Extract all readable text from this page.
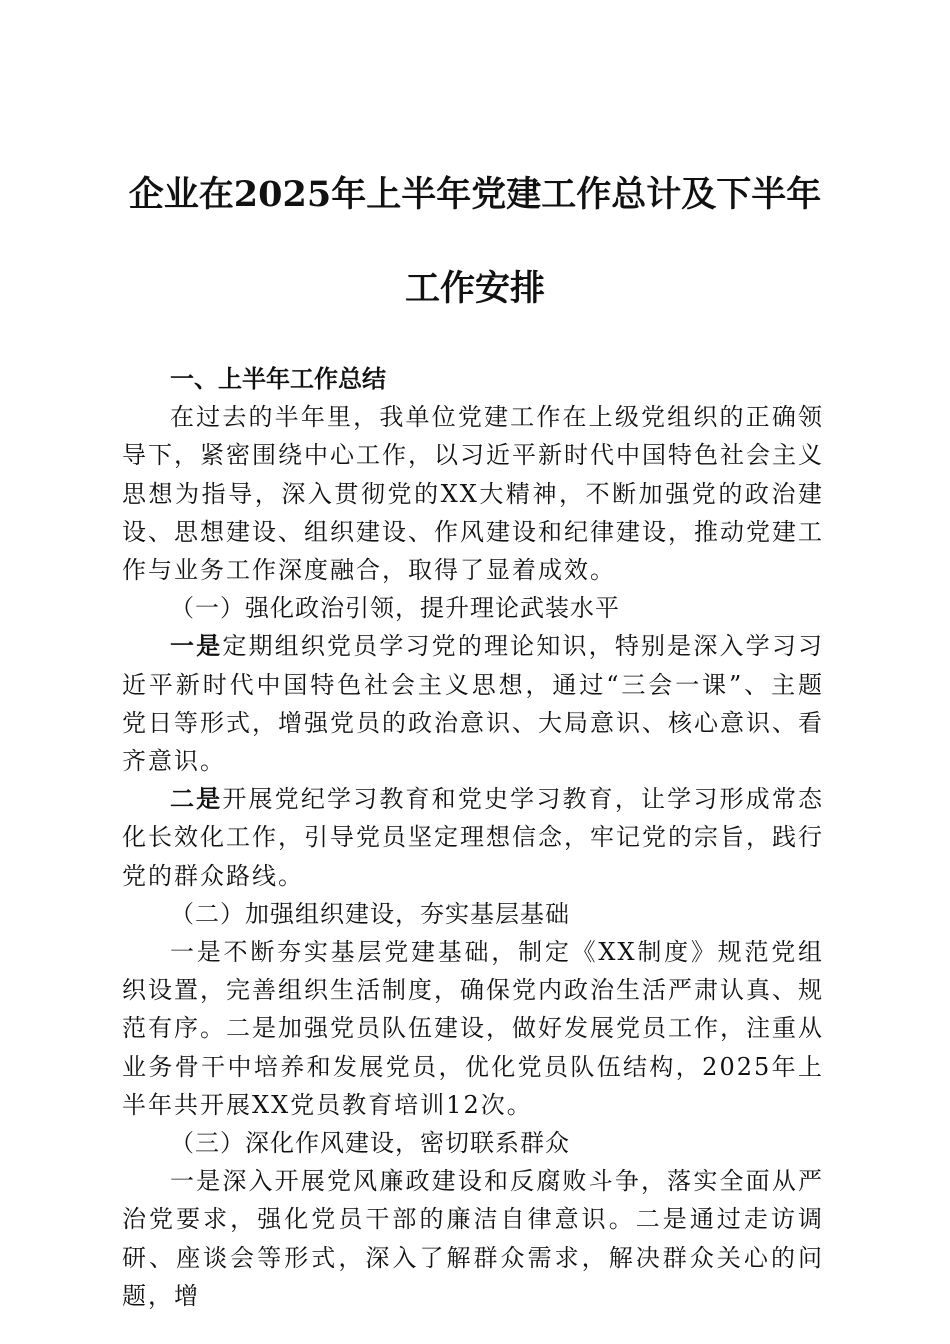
企业在2025年上半年党建工作总计及下半年
工作安排

一、上半年工作总结

在过去的半年里，我单位党建工作在上级党组织的正确领导下，紧密围绕中心工作，以习近平新时代中国特色社会主义思想为指导，深入贯彻党的XX大精神，不断加强党的政治建设、思想建设、组织建设、作风建设和纪律建设，推动党建工作与业务工作深度融合，取得了显着成效。

（一）强化政治引领，提升理论武装水平

一是定期组织党员学习党的理论知识，特别是深入学习习近平新时代中国特色社会主义思想，通过“三会一课”、主题党日等形式，增强党员的政治意识、大局意识、核心意识、看齐意识。

二是开展党纪学习教育和党史学习教育，让学习形成常态化长效化工作，引导党员坚定理想信念，牢记党的宗旨，践行党的群众路线。

（二）加强组织建设，夯实基层基础

一是不断夯实基层党建基础，制定《XX制度》规范党组织设置，完善组织生活制度，确保党内政治生活严肃认真、规范有序。二是加强党员队伍建设，做好发展党员工作，注重从业务骨干中培养和发展党员，优化党员队伍结构，2025年上半年共开展XX党员教育培训12次。

（三）深化作风建设，密切联系群众

一是深入开展党风廉政建设和反腐败斗争，落实全面从严治党要求，强化党员干部的廉洁自律意识。二是通过走访调研、座谈会等形式，深入了解群众需求，解决群众关心的问题，增
